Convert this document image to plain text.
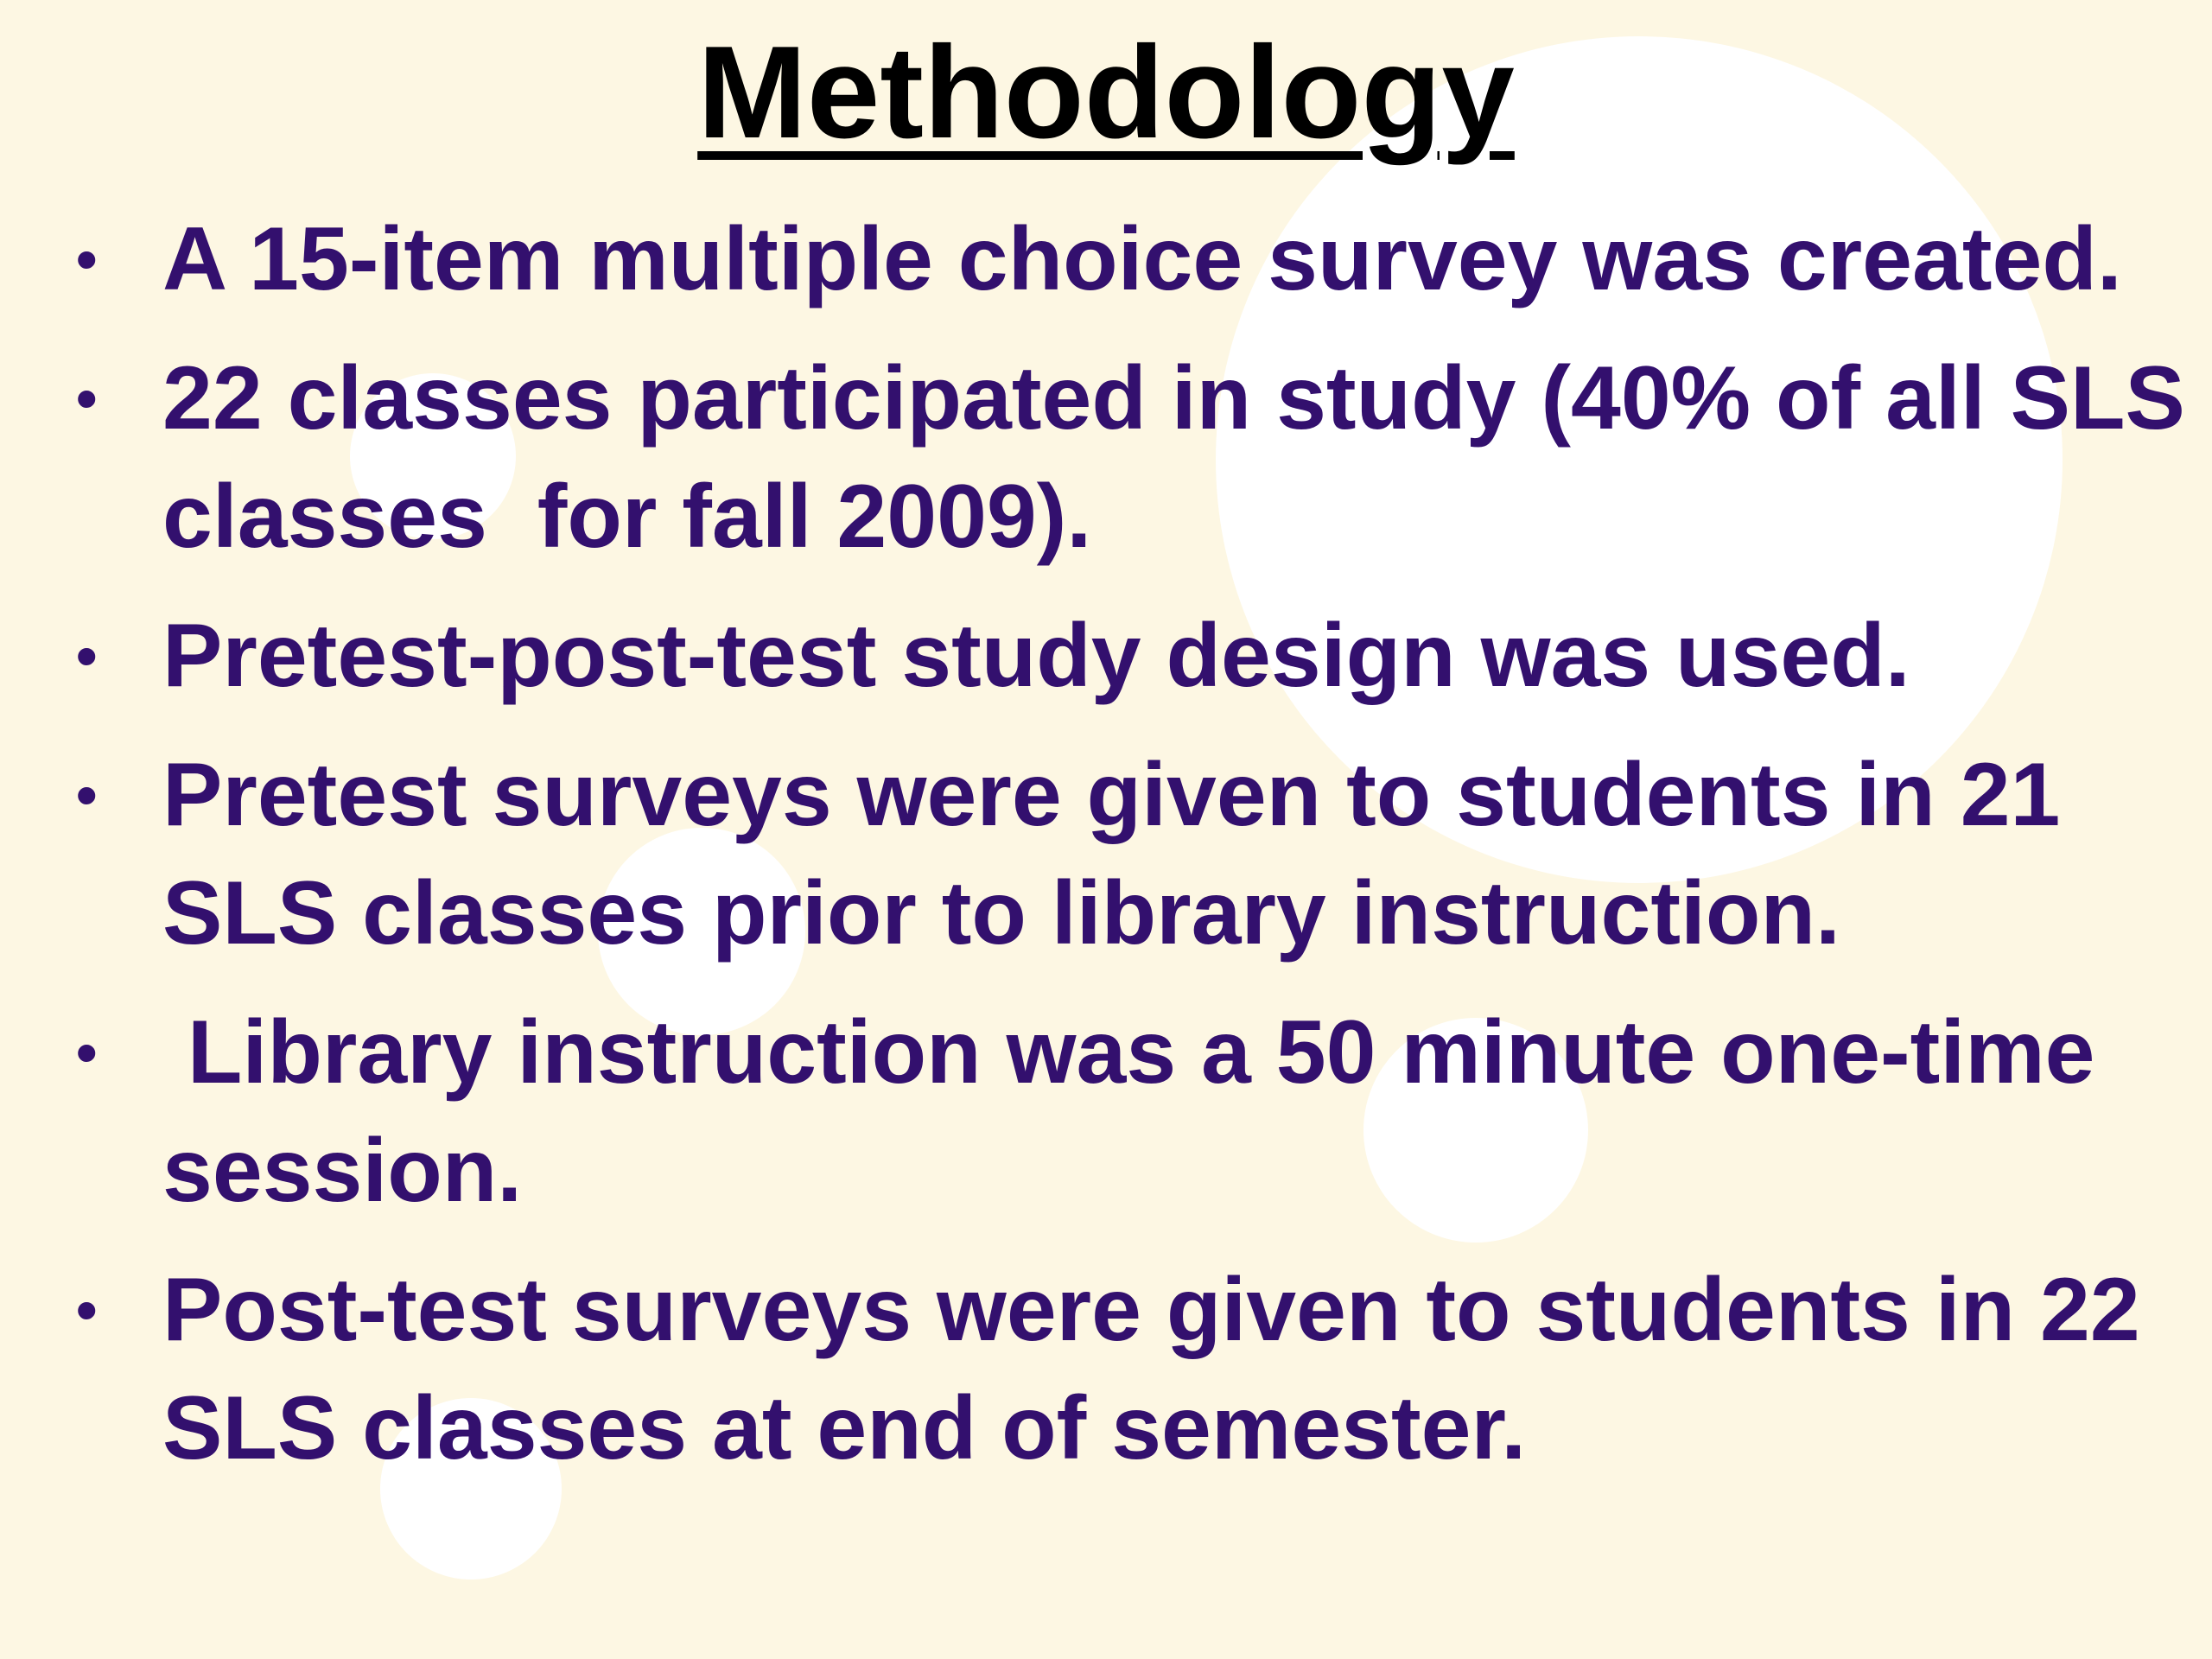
Methodology
• A 15-item multiple choice survey was created.
• 22 classes participated in study (40% of all SLS classes  for fall 2009).
• Pretest-post-test study design was used.
• Pretest surveys were given to students in 21 SLS classes prior to library instruction.
• Library instruction was a 50 minute one-time session.
• Post-test surveys were given to students in 22 SLS classes at end of semester.
